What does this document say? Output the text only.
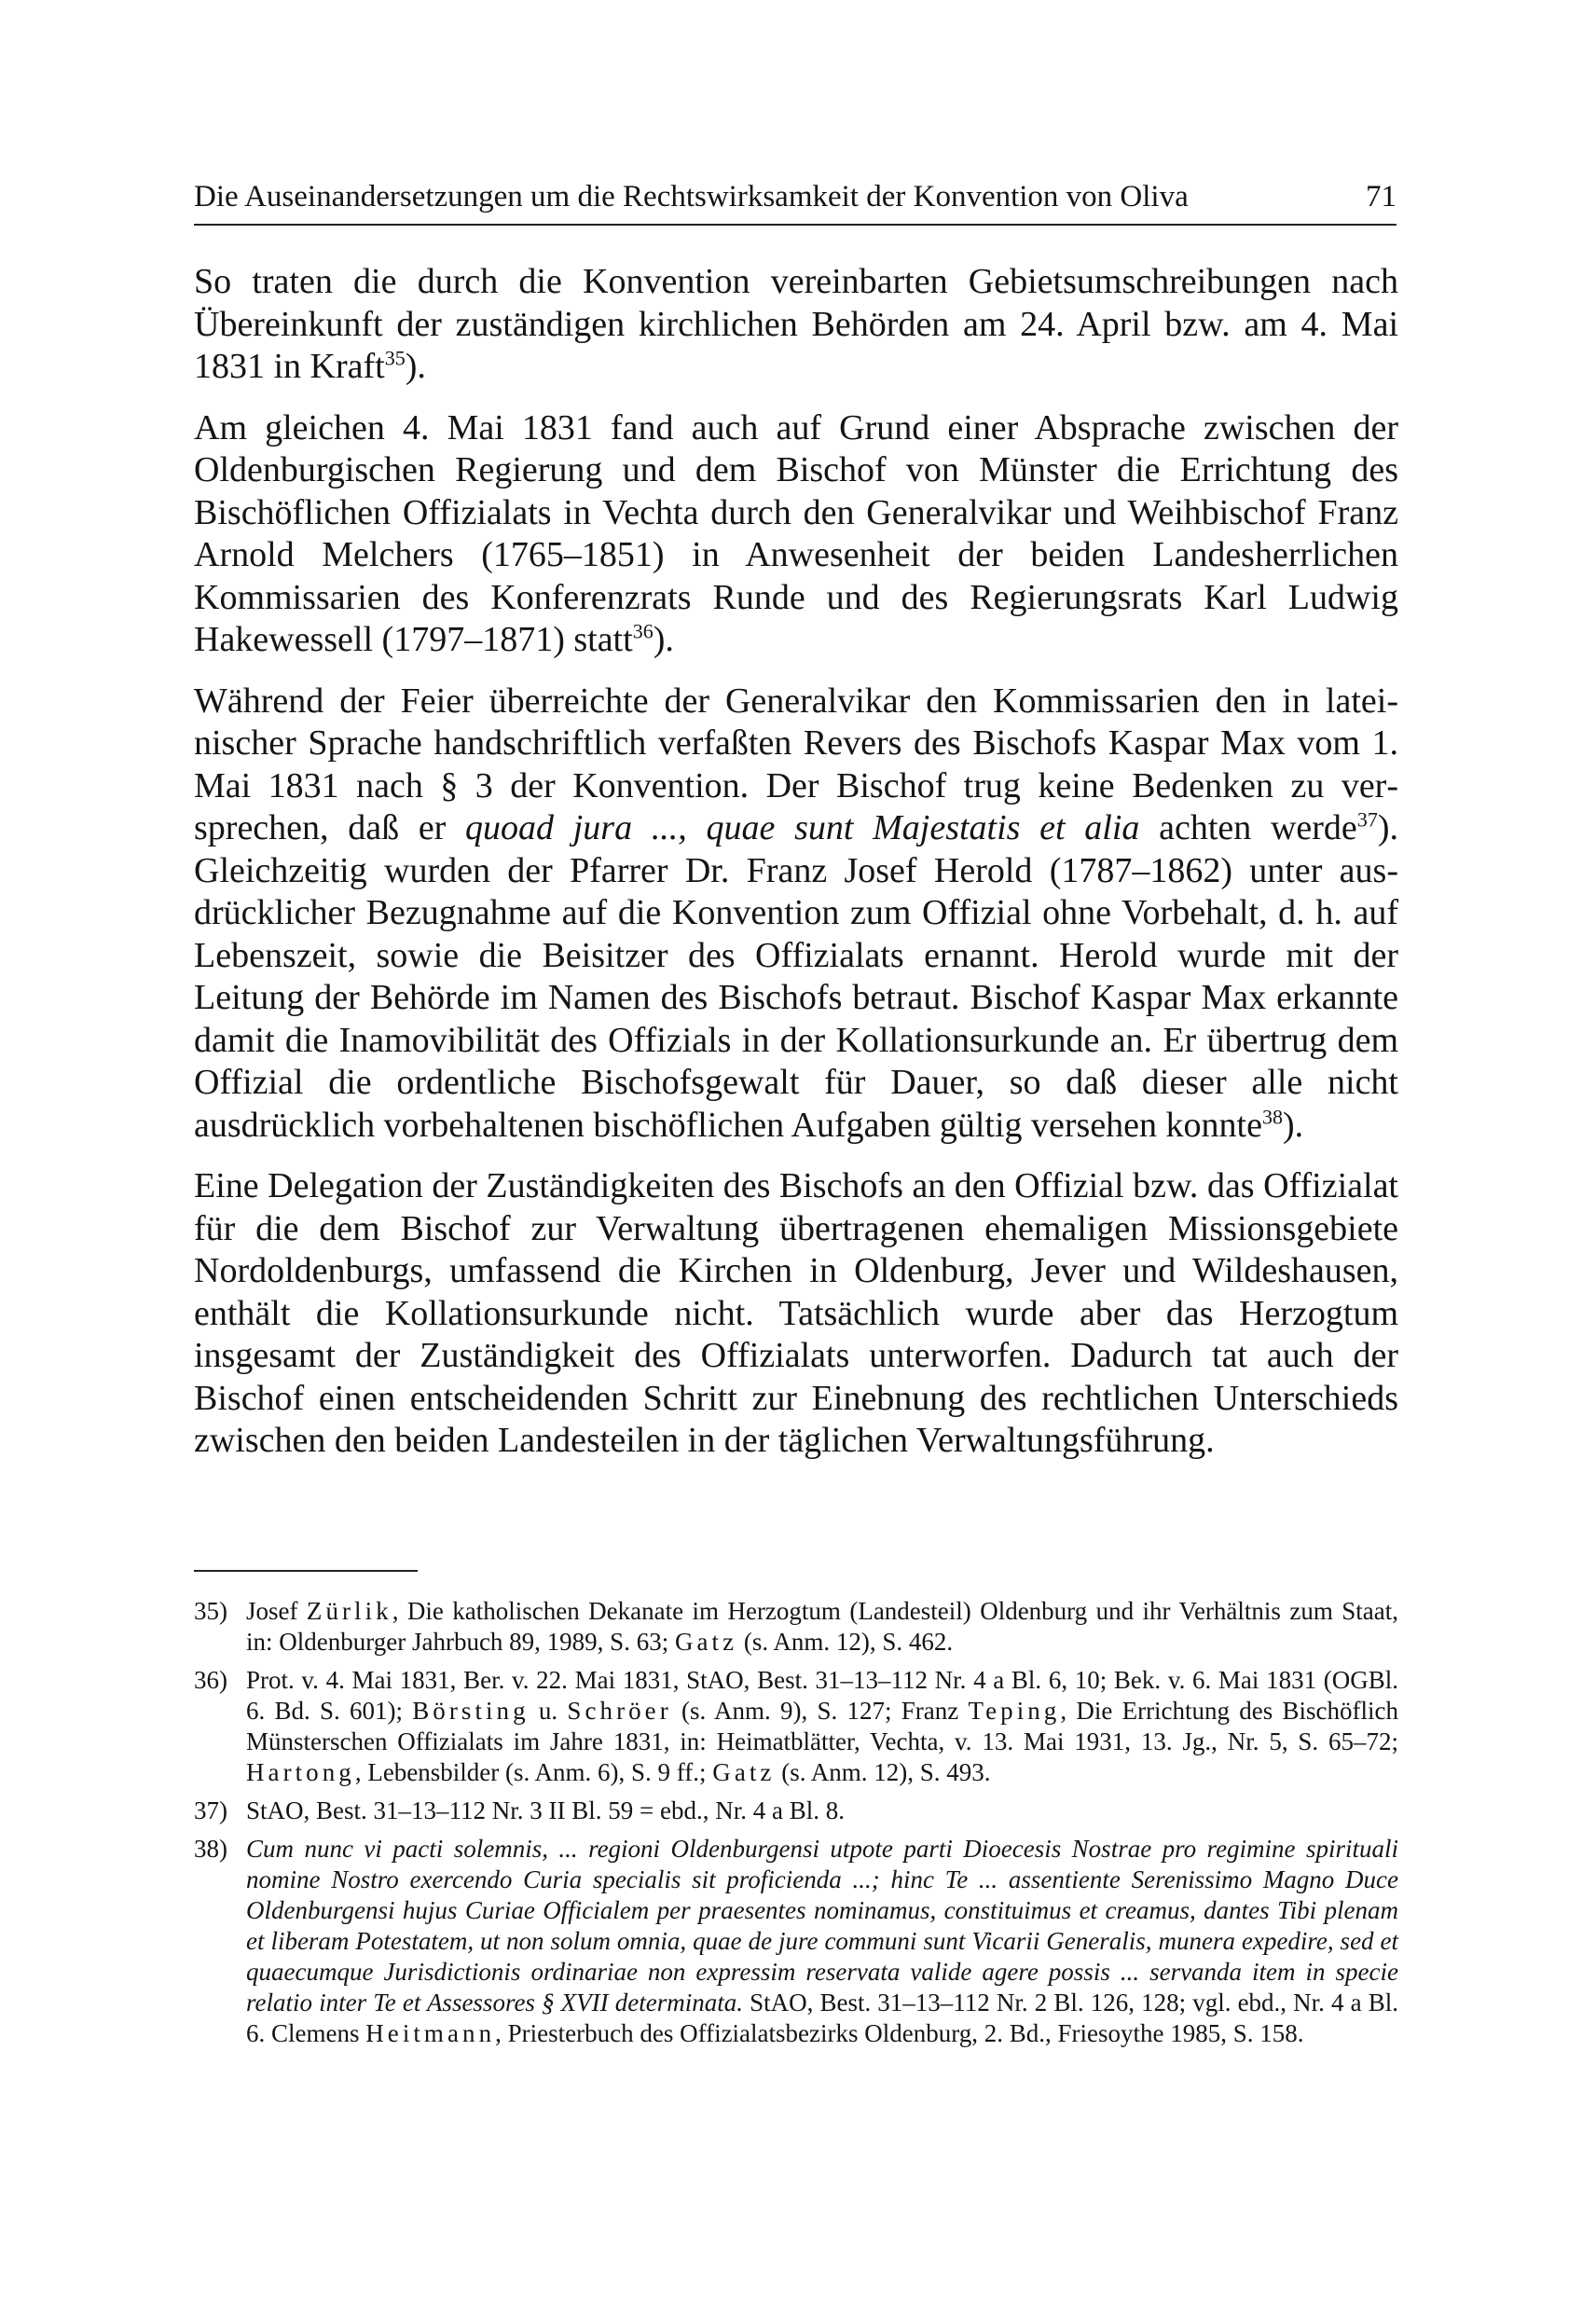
Die Auseinandersetzungen um die Rechtswirksamkeit der Konvention von Oliva	71

So traten die durch die Konvention vereinbarten Gebietsumschreibungen nach Übereinkunft der zuständigen kirchlichen Behörden am 24. April bzw. am 4. Mai 1831 in Kraft$^{35}$).

Am gleichen 4. Mai 1831 fand auch auf Grund einer Absprache zwischen der Oldenburgischen Regierung und dem Bischof von Münster die Errichtung des Bischöflichen Offizialats in Vechta durch den Generalvikar und Weihbischof Franz Arnold Melchers (1765–1851) in Anwesenheit der beiden Landesherrlichen Kommissarien des Konferenzrats Runde und des Regierungsrats Karl Ludwig Hakewessell (1797–1871) statt$^{36}$).

Während der Feier überreichte der Generalvikar den Kommissarien den in lateinischer Sprache handschriftlich verfaßten Revers des Bischofs Kaspar Max vom 1. Mai 1831 nach § 3 der Konvention. Der Bischof trug keine Bedenken zu versprechen, daß er quoad jura ..., quae sunt Majestatis et alia achten werde$^{37}$). Gleichzeitig wurden der Pfarrer Dr. Franz Josef Herold (1787–1862) unter ausdrücklicher Bezugnahme auf die Konvention zum Offizial ohne Vorbehalt, d. h. auf Lebenszeit, sowie die Beisitzer des Offizialats ernannt. Herold wurde mit der Leitung der Behörde im Namen des Bischofs betraut. Bischof Kaspar Max erkannte damit die Inamovibilität des Offizials in der Kollationsurkunde an. Er übertrug dem Offizial die ordentliche Bischofsgewalt für Dauer, so daß dieser alle nicht ausdrücklich vorbehaltenen bischöflichen Aufgaben gültig versehen konnte$^{38}$).

Eine Delegation der Zuständigkeiten des Bischofs an den Offizial bzw. das Offizialat für die dem Bischof zur Verwaltung übertragenen ehemaligen Missionsgebiete Nordoldenburgs, umfassend die Kirchen in Oldenburg, Jever und Wildeshausen, enthält die Kollationsurkunde nicht. Tatsächlich wurde aber das Herzogtum insgesamt der Zuständigkeit des Offizialats unterworfen. Dadurch tat auch der Bischof einen entscheidenden Schritt zur Einebnung des rechtlichen Unterschieds zwischen den beiden Landesteilen in der täglichen Verwaltungsführung.

35) Josef Zürlik, Die katholischen Dekanate im Herzogtum (Landesteil) Oldenburg und ihr Verhältnis zum Staat, in: Oldenburger Jahrbuch 89, 1989, S. 63; Gatz (s. Anm. 12), S. 462.
36) Prot. v. 4. Mai 1831, Ber. v. 22. Mai 1831, StAO, Best. 31–13–112 Nr. 4 a Bl. 6, 10; Bek. v. 6. Mai 1831 (OGBl. 6. Bd. S. 601); Börsting u. Schröer (s. Anm. 9), S. 127; Franz Teping, Die Errichtung des Bischöflich Münsterschen Offizialats im Jahre 1831, in: Heimatblätter, Vechta, v. 13. Mai 1931, 13. Jg., Nr. 5, S. 65–72; Hartong, Lebensbilder (s. Anm. 6), S. 9 ff.; Gatz (s. Anm. 12), S. 493.
37) StAO, Best. 31–13–112 Nr. 3 II Bl. 59 = ebd., Nr. 4 a Bl. 8.
38) Cum nunc vi pacti solemnis, ... regioni Oldenburgensi utpote parti Dioecesis Nostrae pro regimine spirituali nomine Nostro exercendo Curia specialis sit proficienda ...; hinc Te ... assentiente Serenissimo Magno Duce Oldenburgensi hujus Curiae Officialem per praesentes nominamus, constituimus et creamus, dantes Tibi plenam et liberam Potestatem, ut non solum omnia, quae de jure communi sunt Vicarii Generalis, munera expedire, sed et quaecumque Jurisdictionis ordinariae non expressim reservata valide agere possis ... servanda item in specie relatio inter Te et Assessores § XVII determinata. StAO, Best. 31–13–112 Nr. 2 Bl. 126, 128; vgl. ebd., Nr. 4 a Bl. 6. Clemens Heitmann, Priesterbuch des Offizialatsbezirks Oldenburg, 2. Bd., Friesoythe 1985, S. 158.
